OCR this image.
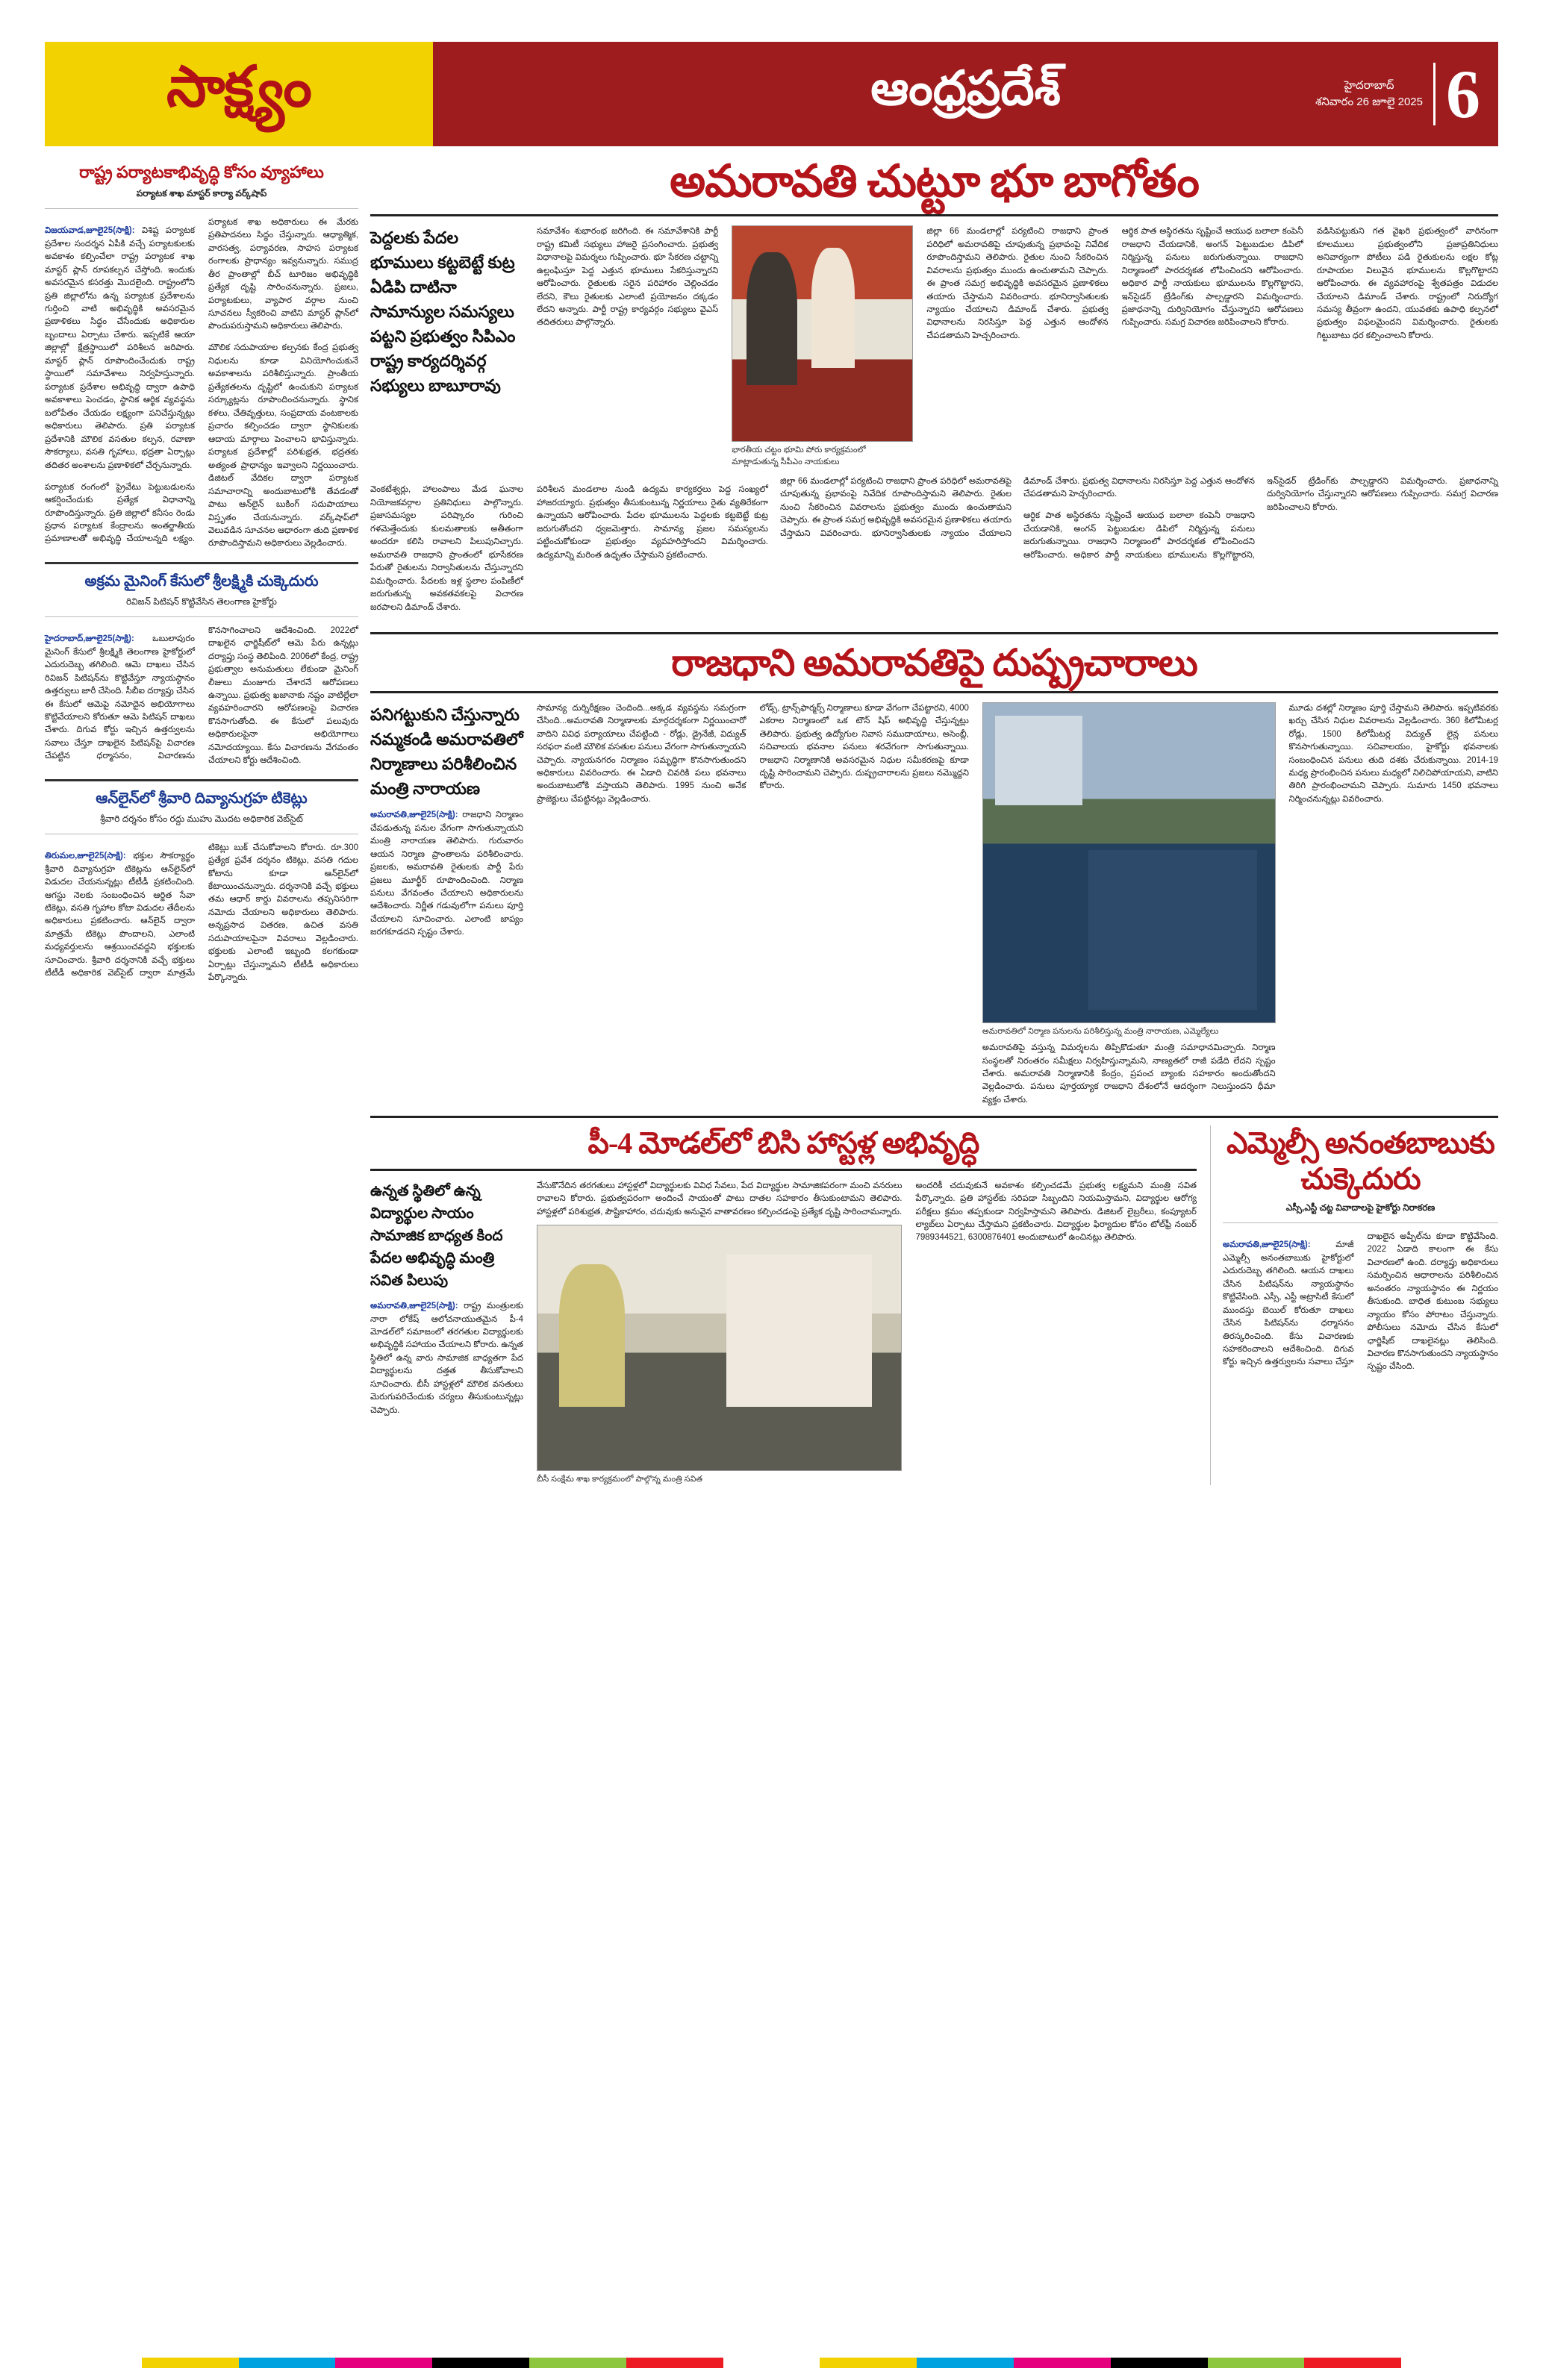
సాక్ష్యం	ఆంధ్రప్రదేశ్	హైదరాబాద్
శనివారం 26 జూలై 2025 6
రాష్ట్ర పర్యాటకాభివృద్ధి కోసం వ్యూహాలు
పర్యాటక శాఖ మాస్టర్ కార్యా వర్క్‌షాప్

విజయవాడ,జూలై25(సాక్షి): విశిష్ట పర్యాటక ప్రదేశాల సందర్శన ఏపీకి వచ్చే పర్యాటకులకు అవ‌కాశం కల్పించేలా రాష్ట్ర పర్యాటక శాఖ మాస్టర్ ప్లాన్ రూపకల్పన చేస్తోంది. ఇందుకు అవసరమైన కసరత్తు మొదలైంది. రాష్ట్రంలోని ప్రతి జిల్లాలోను ఉన్న పర్యాటక ప్రదేశాలను గుర్తించి వాటి అభివృద్ధికి అవసరమైన ప్రణాళికలు సిద్ధం చేసేందుకు అధికారుల బృందాలు ఏర్పాటు చేశారు. ఇప్పటికే ఆయా జిల్లాల్లో క్షేత్రస్థాయిలో పరిశీలన జరిపారు. మాస్టర్ ప్లాన్ రూపొందించేందుకు రాష్ట్ర స్థాయిలో సమావేశాలు నిర్వహిస్తున్నారు. పర్యాటక ప్రదేశాల అభివృద్ధి ద్వారా ఉపాధి అవకాశాలు పెంచడం, స్థానిక ఆర్థిక వ్యవస్థను బలోపేతం చేయడం లక్ష్యంగా పనిచేస్తున్నట్లు అధికారులు తెలిపారు. ప్రతి పర్యాటక ప్రదేశానికి మౌలిక వసతుల కల్పన, రవాణా సౌకర్యాలు, వసతి గృహాలు, భద్రతా ఏర్పాట్లు తదితర అంశాలను ప్రణాళికలో చేర్చనున్నారు.

పర్యాటక రంగంలో ప్రైవేటు పెట్టుబడులను ఆకర్షించేందుకు ప్రత్యేక విధానాన్ని రూపొందిస్తున్నారు. ప్రతి జిల్లాలో కనీసం రెండు ప్రధాన పర్యాటక కేంద్రాలను అంతర్జాతీయ ప్రమాణాలతో అభివృద్ధి చేయాలన్నది లక్ష్యం. పర్యాటక శాఖ అధికారులు ఈ మేరకు ప్రతిపాదనలు సిద్ధం చేస్తున్నారు. ఆధ్యాత్మిక, వారసత్వ, పర్యావరణ, సాహస పర్యాటక రంగాలకు ప్రాధాన్యం ఇవ్వనున్నారు. సముద్ర తీర ప్రాంతాల్లో బీచ్ టూరిజం అభివృద్ధికి ప్రత్యేక దృష్టి సారించనున్నారు. ప్రజలు, పర్యాటకులు, వ్యాపార వర్గాల నుంచి సూచనలు స్వీకరించి వాటిని మాస్టర్ ప్లాన్‌లో పొందుపరుస్తామని అధికారులు తెలిపారు.

మౌలిక సదుపాయాల కల్పనకు కేంద్ర ప్రభుత్వ నిధులను కూడా వినియోగించుకునే అవకాశాలను పరిశీలిస్తున్నారు. ప్రాంతీయ ప్రత్యేకతలను దృష్టిలో ఉంచుకుని పర్యాటక సర్క్యూట్లను రూపొందించనున్నారు. స్థానిక కళలు, చేతివృత్తులు, సంప్రదాయ వంటకాలకు ప్రచారం కల్పించడం ద్వారా స్థానికులకు ఆదాయ మార్గాలు పెంచాలని భావిస్తున్నారు. పర్యాటక ప్రదేశాల్లో పరిశుభ్రత, భద్రతకు అత్యంత ప్రాధాన్యం ఇవ్వాలని నిర్ణయించారు. డిజిటల్ వేదికల ద్వారా పర్యాటక సమాచారాన్ని అందుబాటులోకి తేవడంతో పాటు ఆన్‌లైన్ బుకింగ్ సదుపాయాలు విస్తృతం చేయనున్నారు. వర్క్‌షాప్‌లో వెలువడిన సూచనల ఆధారంగా తుది ప్రణాళిక రూపొందిస్తామని అధికారులు వెల్లడించారు.

అక్రమ మైనింగ్ కేసులో శ్రీలక్ష్మికి చుక్కెదురు
రివిజన్ పిటిషన్ కొట్టివేసిన తెలంగాణ హైకోర్టు

హైదరాబాద్,జూలై25(సాక్షి): ఒబులాపురం మైనింగ్ కేసులో శ్రీలక్ష్మికి తెలంగాణ హైకోర్టులో ఎదురుదెబ్బ తగిలింది. ఆమె దాఖలు చేసిన రివిజన్ పిటిషన్‌ను కొట్టివేస్తూ న్యాయస్థానం ఉత్తర్వులు జారీ చేసింది. సీబీఐ దర్యాప్తు చేసిన ఈ కేసులో ఆమెపై నమోదైన అభియోగాలు కొట్టివేయాలని కోరుతూ ఆమె పిటిషన్ దాఖలు చేశారు. దిగువ కోర్టు ఇచ్చిన ఉత్తర్వులను సవాలు చేస్తూ దాఖలైన పిటిషన్‌పై విచారణ చేపట్టిన ధర్మాసనం, విచారణను కొనసాగించాలని ఆదేశించింది. 2022లో దాఖలైన ఛార్జిషీట్‌లో ఆమె పేరు ఉన్నట్లు దర్యాప్తు సంస్థ తెలిపింది. 2006లో కేంద్ర, రాష్ట్ర ప్రభుత్వాల అనుమతులు లేకుండా మైనింగ్ లీజులు మంజూరు చేశారనే ఆరోపణలు ఉన్నాయి. ప్రభుత్వ ఖజానాకు నష్టం వాటిల్లేలా వ్యవహరించారని ఆరోపణలపై విచారణ కొనసాగుతోంది. ఈ కేసులో పలువురు అధికారులపైనా అభియోగాలు నమోదయ్యాయి. కేసు విచారణను వేగవంతం చేయాలని కోర్టు ఆదేశించింది.

ఆన్‌లైన్‌లో శ్రీవారి దివ్యానుగ్రహ టికెట్లు
శ్రీవారి దర్శనం కోసం రద్దు ముహు మొదట అధికారిక వెబ్‌సైట్

తిరుమల,జూలై25(సాక్షి): భక్తుల సౌకర్యార్థం శ్రీవారి దివ్యానుగ్రహ టికెట్లను ఆన్‌లైన్‌లో విడుదల చేయనున్నట్లు టీటీడీ ప్రకటించింది. ఆగస్టు నెలకు సంబంధించిన ఆర్జిత సేవా టికెట్లు, వసతి గృహాల కోటా విడుదల తేదీలను అధికారులు ప్రకటించారు. ఆన్‌లైన్ ద్వారా మాత్రమే టికెట్లు పొందాలని, ఎలాంటి మధ్యవర్తులను ఆశ్రయించవద్దని భక్తులకు సూచించారు. శ్రీవారి దర్శనానికి వచ్చే భక్తులు టీటీడీ అధికారిక వెబ్‌సైట్ ద్వారా మాత్రమే టికెట్లు బుక్ చేసుకోవాలని కోరారు. రూ.300 ప్రత్యేక ప్రవేశ దర్శనం టికెట్లు, వసతి గదుల కోటాను కూడా ఆన్‌లైన్‌లో కేటాయించనున్నారు. దర్శనానికి వచ్చే భక్తులు తమ ఆధార్ కార్డు వివరాలను తప్పనిసరిగా నమోదు చేయాలని అధికారులు తెలిపారు. అన్నప్రసాద వితరణ, ఉచిత వసతి సదుపాయాలపైనా వివరాలు వెల్లడించారు. భక్తులకు ఎలాంటి ఇబ్బంది కలగకుండా ఏర్పాట్లు చేస్తున్నామని టీటీడీ అధికారులు పేర్కొన్నారు.

అమరావతి చుట్టూ భూ బాగోతం
పెద్దలకు పేదల భూములు కట్టబెట్టే కుట్ర ఏడిపి దాటినా సామాన్యుల సమస్యలు పట్టని ప్రభుత్వం సిపిఎం రాష్ట్ర కార్యదర్శివర్గ సభ్యులు బాబూరావు
సమావేశం శుభారంభ జరిగింది. ఈ సమావేశానికి పార్టీ రాష్ట్ర కమిటీ సభ్యులు హాజరై ప్రసంగించారు. ప్రభుత్వ విధానాలపై విమర్శలు గుప్పించారు. భూ సేకరణ చట్టాన్ని ఉల్లంఘిస్తూ పెద్ద ఎత్తున భూములు సేకరిస్తున్నారని ఆరోపించారు. రైతులకు సరైన పరిహారం చెల్లించడం లేదని, కౌలు రైతులకు ఎలాంటి ప్రయోజనం దక్కడం లేదని అన్నారు. పార్టీ రాష్ట్ర కార్యవర్గం సభ్యులు వైఎస్ తదితరులు పాల్గొన్నారు.
భారతీయ చట్టం భూమి పోరు కార్యక్రమంలో మాట్లాడుతున్న సీపీఎం నాయకులు
జిల్లా 66 మండలాల్లో పర్యటించి రాజధాని ప్రాంత పరిధిలో అమరావతిపై చూపుతున్న ప్రభావంపై నివేదిక రూపొందిస్తామని తెలిపారు. రైతుల నుంచి సేకరించిన వివరాలను ప్రభుత్వం ముందు ఉంచుతామని చెప్పారు. ఈ ప్రాంత సమగ్ర అభివృద్ధికి అవసరమైన ప్రణాళికలు తయారు చేస్తామని వివరించారు. భూనిర్వాసితులకు న్యాయం చేయాలని డిమాండ్ చేశారు. ప్రభుత్వ విధానాలను నిరసిస్తూ పెద్ద ఎత్తున ఆందోళన చేపడతామని హెచ్చరించారు.
ఆర్థిక పాత అస్థిరతను సృష్టించే ఆయుధ బలాలా కంపెనీ రాజధాని చేయడానికి, అంగన్ పెట్టుబడుల డిపిలో నిర్మిస్తున్న పనులు జరుగుతున్నాయి. రాజధాని నిర్మాణంలో పారదర్శకత లోపించిందని ఆరోపించారు. అధికార పార్టీ నాయకులు భూములను కొల్లగొట్టారని, ఇన్‌సైడర్ ట్రేడింగ్‌కు పాల్పడ్డారని విమర్శించారు. ప్రజాధనాన్ని దుర్వినియోగం చేస్తున్నారని ఆరోపణలు గుప్పించారు. సమగ్ర విచారణ జరిపించాలని కోరారు.
వడిసిపట్టుకుని గత వైఖరి ప్రభుత్వంలో వారినంగా కూలములు ప్రభుత్వంలోని ప్రజాప్రతినిధులు అనివార్యంగా పోటీలు పడి రైతుకులను లక్షల కోట్ల రూపాయల విలువైన భూములను కొల్లగొట్టారని ఆరోపించారు. ఈ వ్యవహారంపై శ్వేతపత్రం విడుదల చేయాలని డిమాండ్ చేశారు. రాష్ట్రంలో నిరుద్యోగ సమస్య తీవ్రంగా ఉందని, యువతకు ఉపాధి కల్పనలో ప్రభుత్వం విఫలమైందని విమర్శించారు. రైతులకు గిట్టుబాటు ధర కల్పించాలని కోరారు.

వెంకటేశ్వర్లు, హాలంపాలు మేడ ఘనాల నియోజకవర్గాల ప్రతినిధులు పాల్గొన్నారు. ప్రజాసమస్యల పరిష్కారం గురించి గళమెత్తేందుకు కులమతాలకు అతీతంగా అందరూ కలిసి రావాలని పిలుపునిచ్చారు. అమరావతి రాజధాని ప్రాంతంలో భూసేకరణ పేరుతో రైతులను నిర్వాసితులను చేస్తున్నారని విమర్శించారు. పేదలకు ఇళ్ల స్థలాల పంపిణీలో జరుగుతున్న అవకతవకలపై విచారణ జరపాలని డిమాండ్ చేశారు.

పరిశీలన మండలాల నుండి ఉద్యమ కార్యకర్తలు పెద్ద సంఖ్యలో హాజరయ్యారు. ప్రభుత్వం తీసుకుంటున్న నిర్ణయాలు రైతు వ్యతిరేకంగా ఉన్నాయని ఆరోపించారు. పేదల భూములను పెద్దలకు కట్టబెట్టే కుట్ర జరుగుతోందని ధ్వజమెత్తారు. సామాన్య ప్రజల సమస్యలను పట్టించుకోకుండా ప్రభుత్వం వ్యవహరిస్తోందని విమర్శించారు. ఉద్యమాన్ని మరింత ఉధృతం చేస్తామని ప్రకటించారు.

జిల్లా 66 మండలాల్లో పర్యటించి రాజధాని ప్రాంత పరిధిలో అమరావతిపై చూపుతున్న ప్రభావంపై నివేదిక రూపొందిస్తామని తెలిపారు. రైతుల నుంచి సేకరించిన వివరాలను ప్రభుత్వం ముందు ఉంచుతామని చెప్పారు. ఈ ప్రాంత సమగ్ర అభివృద్ధికి అవసరమైన ప్రణాళికలు తయారు చేస్తామని వివరించారు. భూనిర్వాసితులకు న్యాయం చేయాలని డిమాండ్ చేశారు. ప్రభుత్వ విధానాలను నిరసిస్తూ పెద్ద ఎత్తున ఆందోళన చేపడతామని హెచ్చరించారు.

ఆర్థిక పాత అస్థిరతను సృష్టించే ఆయుధ బలాలా కంపెనీ రాజధాని చేయడానికి, అంగన్ పెట్టుబడుల డిపిలో నిర్మిస్తున్న పనులు జరుగుతున్నాయి. రాజధాని నిర్మాణంలో పారదర్శకత లోపించిందని ఆరోపించారు. అధికార పార్టీ నాయకులు భూములను కొల్లగొట్టారని, ఇన్‌సైడర్ ట్రేడింగ్‌కు పాల్పడ్డారని విమర్శించారు. ప్రజాధనాన్ని దుర్వినియోగం చేస్తున్నారని ఆరోపణలు గుప్పించారు. సమగ్ర విచారణ జరిపించాలని కోరారు.

రాజధాని అమరావతిపై దుష్ప్రచారాలు
పనిగట్టుకుని చేస్తున్నారు నమ్మకండి అమరావతిలో నిర్మాణాలు పరిశీలించిన మంత్రి నారాయణ

అమరావతి,జూలై25(సాక్షి): రాజధాని నిర్మాణం చేపడుతున్న పనుల వేగంగా సాగుతున్నాయని మంత్రి నారాయణ తెలిపారు. గురువారం ఆయన నిర్మాణ ప్రాంతాలను పరిశీలించారు. ప్రజలకు, అమరావతి రైతులకు పార్టీ పేరు ప్రజలు మూర్ఖీర్ రూపొందించింది. నిర్మాణ పనులు వేగవంతం చేయాలని అధికారులను ఆదేశించారు. నిర్ణీత గడువులోగా పనులు పూర్తి చేయాలని సూచించారు. ఎలాంటి జాప్యం జరగకూడదని స్పష్టం చేశారు.

సామాన్య దుర్నిరీక్షణం చెందింది...అక్కడ వ్యవస్థను సమగ్రంగా చేసింది...అమరావతి నిర్మాణాలకు మార్గదర్శకంగా నిర్ణయించారో వాదిని వివిధ పర్యాయాలు చేపట్టింది - రోడ్లు, డ్రైనేజీ, విద్యుత్ సరఫరా వంటి మౌలిక వసతుల పనులు వేగంగా సాగుతున్నాయని చెప్పారు. న్యాయనగరం నిర్మాణం సమృద్ధిగా కొనసాగుతుందని అధికారులు వివరించారు. ఈ ఏడాది చివరికి పలు భవనాలు అందుబాటులోకి వస్తాయని తెలిపారు. 1995 నుంచి అనేక ప్రాజెక్టులు చేపట్టినట్లు వెల్లడించారు.
లోడ్స్, ట్రాన్స్‌ఫార్మర్స్ నిర్మాణాలు కూడా వేగంగా చేపట్టారని, 4000 ఎకరాల నిర్మాణంలో ఒక టౌన్ షిప్ అభివృద్ధి చేస్తున్నట్లు తెలిపారు. ప్రభుత్వ ఉద్యోగుల నివాస సముదాయాలు, అసెంబ్లీ, సచివాలయ భవనాల పనులు శరవేగంగా సాగుతున్నాయి. రాజధాని నిర్మాణానికి అవసరమైన నిధుల సమీకరణపై కూడా దృష్టి సారించామని చెప్పారు. దుష్ప్రచారాలను ప్రజలు నమ్మొద్దని కోరారు.
అమరావతిలో నిర్మాణ పనులను పరిశీలిస్తున్న మంత్రి నారాయణ, ఎమ్మెల్యేలు
అమరావతిపై వస్తున్న విమర్శలను తిప్పికొడుతూ మంత్రి సమాధానమిచ్చారు. నిర్మాణ సంస్థలతో నిరంతరం సమీక్షలు నిర్వహిస్తున్నామని, నాణ్యతలో రాజీ పడేది లేదని స్పష్టం చేశారు. అమరావతి నిర్మాణానికి కేంద్రం, ప్రపంచ బ్యాంకు సహకారం అందుతోందని వెల్లడించారు. పనులు పూర్తయ్యాక రాజధాని దేశంలోనే ఆదర్శంగా నిలుస్తుందని ధీమా వ్యక్తం చేశారు.
మూడు దశల్లో నిర్మాణం పూర్తి చేస్తామని తెలిపారు. ఇప్పటివరకు ఖర్చు చేసిన నిధుల వివరాలను వెల్లడించారు. 360 కిలోమీటర్ల రోడ్లు, 1500 కిలోమీటర్ల విద్యుత్ లైన్ల పనులు కొనసాగుతున్నాయి. సచివాలయం, హైకోర్టు భవనాలకు సంబంధించిన పనులు తుది దశకు చేరుకున్నాయి. 2014-19 మధ్య ప్రారంభించిన పనులు మధ్యలో నిలిచిపోయాయని, వాటిని తిరిగి ప్రారంభించామని చెప్పారు. సుమారు 1450 భవనాలు నిర్మించనున్నట్లు వివరించారు.
పీ-4 మోడల్‌లో బిసి హాస్టళ్ల అభివృద్ధి
ఉన్నత స్థితిలో ఉన్న విద్యార్థుల సాయం సామాజిక బాధ్యత కింద పేదల అభివృద్ధి మంత్రి సవిత పిలుపు

అమరావతి,జూలై25(సాక్షి): రాష్ట్ర మంత్రులకు నారా లోకేష్ ఆలోచనాయుతమైన పీ-4 మోడల్‌లో సమాజంలో తరగతుల విద్యార్థులకు అభివృద్ధికి సహాయం చేయాలని కోరారు. ఉన్నత స్థితిలో ఉన్న వారు సామాజిక బాధ్యతగా పేద విద్యార్థులను దత్తత తీసుకోవాలని సూచించారు. బీసీ హాస్టళ్లలో మౌలిక వసతులు మెరుగుపరిచేందుకు చర్యలు తీసుకుంటున్నట్లు చెప్పారు.

వేసుకొనేదిన తరగతులు హాస్టళ్లలో విద్యార్థులకు వివిధ సేవలు, పేద విద్యార్థుల సామాజికపరంగా మంచి వనరులు రావాలని కోరారు. ప్రభుత్వపరంగా అందించే సాయంతో పాటు దాతల సహకారం తీసుకుంటామని తెలిపారు. హాస్టళ్లలో పరిశుభ్రత, పౌష్టికాహారం, చదువుకు అనువైన వాతావరణం కల్పించడంపై ప్రత్యేక దృష్టి సారించామన్నారు.
బీసీ సంక్షేమ శాఖ కార్యక్రమంలో పాల్గొన్న మంత్రి సవిత
అందరికీ చదువుకునే అవకాశం కల్పించడమే ప్రభుత్వ లక్ష్యమని మంత్రి సవిత పేర్కొన్నారు. ప్రతి హాస్టల్‌కు సరిపడా సిబ్బందిని నియమిస్తామని, విద్యార్థుల ఆరోగ్య పరీక్షలు క్రమం తప్పకుండా నిర్వహిస్తామని తెలిపారు. డిజిటల్ లైబ్రరీలు, కంప్యూటర్ ల్యాబ్‌లు ఏర్పాటు చేస్తామని ప్రకటించారు. విద్యార్థుల ఫిర్యాదుల కోసం టోల్‌ఫ్రీ నంబర్ 7989344521, 6300876401 అందుబాటులో ఉంచినట్లు తెలిపారు.
ఎమ్మెల్సీ అనంతబాబుకు చుక్కెదురు
ఎస్సీ,ఎస్టీ చట్ట వివాదాలపై హైకోర్టు నిరాకరణ

అమరావతి,జూలై25(సాక్షి):	మాజీ ఎమ్మెల్సీ అనంతబాబుకు హైకోర్టులో ఎదురుదెబ్బ తగిలింది. ఆయన దాఖలు చేసిన పిటిషన్‌ను న్యాయస్థానం కొట్టివేసింది. ఎస్సీ, ఎస్టీ అట్రాసిటీ కేసులో ముందస్తు బెయిల్ కోరుతూ దాఖలు చేసిన పిటిషన్‌ను ధర్మాసనం తిరస్కరించింది. కేసు విచారణకు సహకరించాలని ఆదేశించింది. దిగువ కోర్టు ఇచ్చిన ఉత్తర్వులను సవాలు చేస్తూ దాఖలైన అప్పీల్‌ను కూడా కొట్టివేసింది. 2022 ఏడాది కాలంగా ఈ కేసు విచారణలో ఉంది. దర్యాప్తు అధికారులు సమర్పించిన ఆధారాలను పరిశీలించిన అనంతరం న్యాయస్థానం ఈ నిర్ణయం తీసుకుంది. బాధిత కుటుంబ సభ్యులు న్యాయం కోసం పోరాటం చేస్తున్నారు. పోలీసులు నమోదు చేసిన కేసులో ఛార్జిషీట్ దాఖలైనట్లు తెలిసింది. విచారణ కొనసాగుతుందని న్యాయస్థానం స్పష్టం చేసింది.
